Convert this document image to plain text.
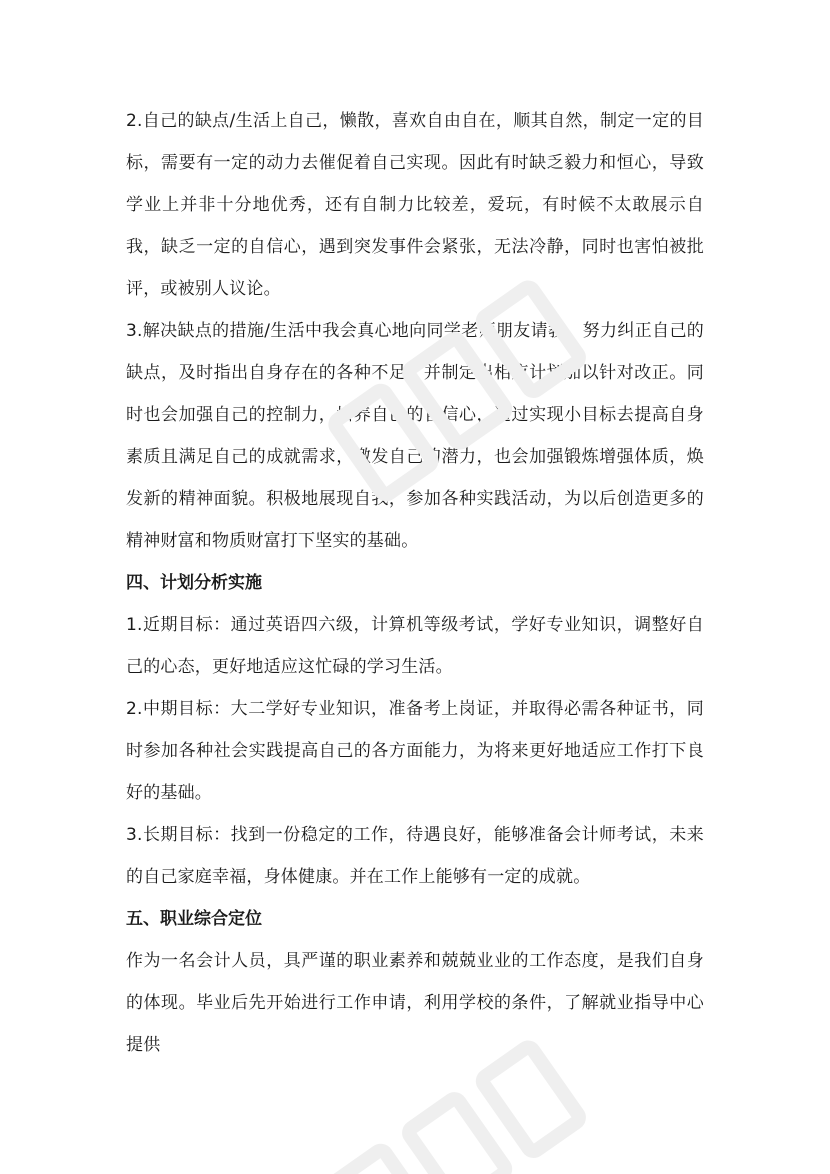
2.自己的缺点/生活上自己，懒散，喜欢自由自在，顺其自然，制定一定的目标，需要有一定的动力去催促着自己实现。因此有时缺乏毅力和恒心，导致学业上并非十分地优秀，还有自制力比较差，爱玩，有时候不太敢展示自我，缺乏一定的自信心，遇到突发事件会紧张，无法冷静，同时也害怕被批评，或被别人议论。

3.解决缺点的措施/生活中我会真心地向同学老师朋友请教，努力纠正自己的缺点，及时指出自身存在的各种不足，并制定出相应计划加以针对改正。同时也会加强自己的控制力，培养自己的自信心，通过实现小目标去提高自身素质且满足自己的成就需求，激发自己的潜力，也会加强锻炼增强体质，焕发新的精神面貌。积极地展现自我，参加各种实践活动，为以后创造更多的精神财富和物质财富打下坚实的基础。

四、计划分析实施

1.近期目标：通过英语四六级，计算机等级考试，学好专业知识，调整好自己的心态，更好地适应这忙碌的学习生活。

2.中期目标：大二学好专业知识，准备考上岗证，并取得必需各种证书，同时参加各种社会实践提高自己的各方面能力，为将来更好地适应工作打下良好的基础。

3.长期目标：找到一份稳定的工作，待遇良好，能够准备会计师考试，未来的自己家庭幸福，身体健康。并在工作上能够有一定的成就。

五、职业综合定位

作为一名会计人员，具严谨的职业素养和兢兢业业的工作态度，是我们自身的体现。毕业后先开始进行工作申请，利用学校的条件，了解就业指导中心提供
